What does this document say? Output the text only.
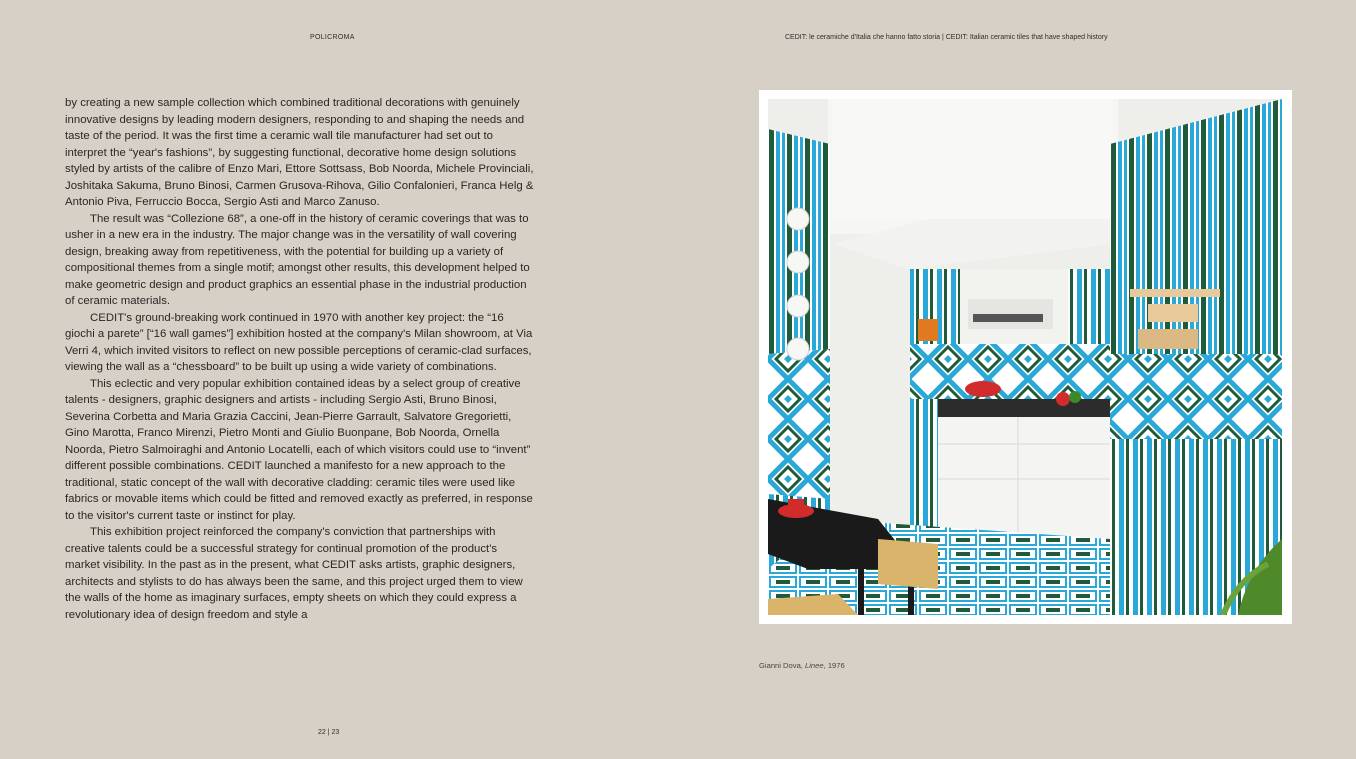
POLICROMA	CEDIT: le ceramiche d'Italia che hanno fatto storia | CEDIT: Italian ceramic tiles that have shaped history

by creating a new sample collection which combined traditional decorations with genuinely innovative designs by leading modern designers, responding to and shaping the needs and taste of the period. It was the first time a ceramic wall tile manufacturer had set out to interpret the “year's fashions”, by suggesting functional, decorative home design solutions styled by artists of the calibre of Enzo Mari, Ettore Sottsass, Bob Noorda, Michele Provinciali, Joshitaka Sakuma, Bruno Binosi, Carmen Grusova-Rihova, Gilio Confalonieri, Franca Helg & Antonio Piva, Ferruccio Bocca, Sergio Asti and Marco Zanuso.

The result was “Collezione 68”, a one-off in the history of ceramic coverings that was to usher in a new era in the industry. The major change was in the versatility of wall covering design, breaking away from repetitiveness, with the potential for building up a variety of compositional themes from a single motif; amongst other results, this development helped to make geometric design and product graphics an essential phase in the industrial production of ceramic materials.

CEDIT's ground-breaking work continued in 1970 with another key project: the “16 giochi a parete” [“16 wall games”] exhibition hosted at the company's Milan showroom, at Via Verri 4, which invited visitors to reflect on new possible perceptions of ceramic-clad surfaces, viewing the wall as a “chessboard” to be built up using a wide variety of combinations.

This eclectic and very popular exhibition contained ideas by a select group of creative talents - designers, graphic designers and artists - including Sergio Asti, Bruno Binosi, Severina Corbetta and Maria Grazia Caccini, Jean-Pierre Garrault, Salvatore Gregorietti, Gino Marotta, Franco Mirenzi, Pietro Monti and Giulio Buonpane, Bob Noorda, Ornella Noorda, Pietro Salmoiraghi and Antonio Locatelli, each of which visitors could use to “invent” different possible combinations. CEDIT launched a manifesto for a new approach to the traditional, static concept of the wall with decorative cladding: ceramic tiles were used like fabrics or movable items which could be fitted and removed exactly as preferred, in response to the visitor's current taste or instinct for play.

This exhibition project reinforced the company's conviction that partnerships with creative talents could be a successful strategy for continual promotion of the product's market visibility. In the past as in the present, what CEDIT asks artists, graphic designers, architects and stylists to do has always been the same, and this project urged them to view the walls of the home as imaginary surfaces, empty sheets on which they could express a revolutionary idea of design freedom and style a

Gianni Dova, Linee, 1976
22 | 23
